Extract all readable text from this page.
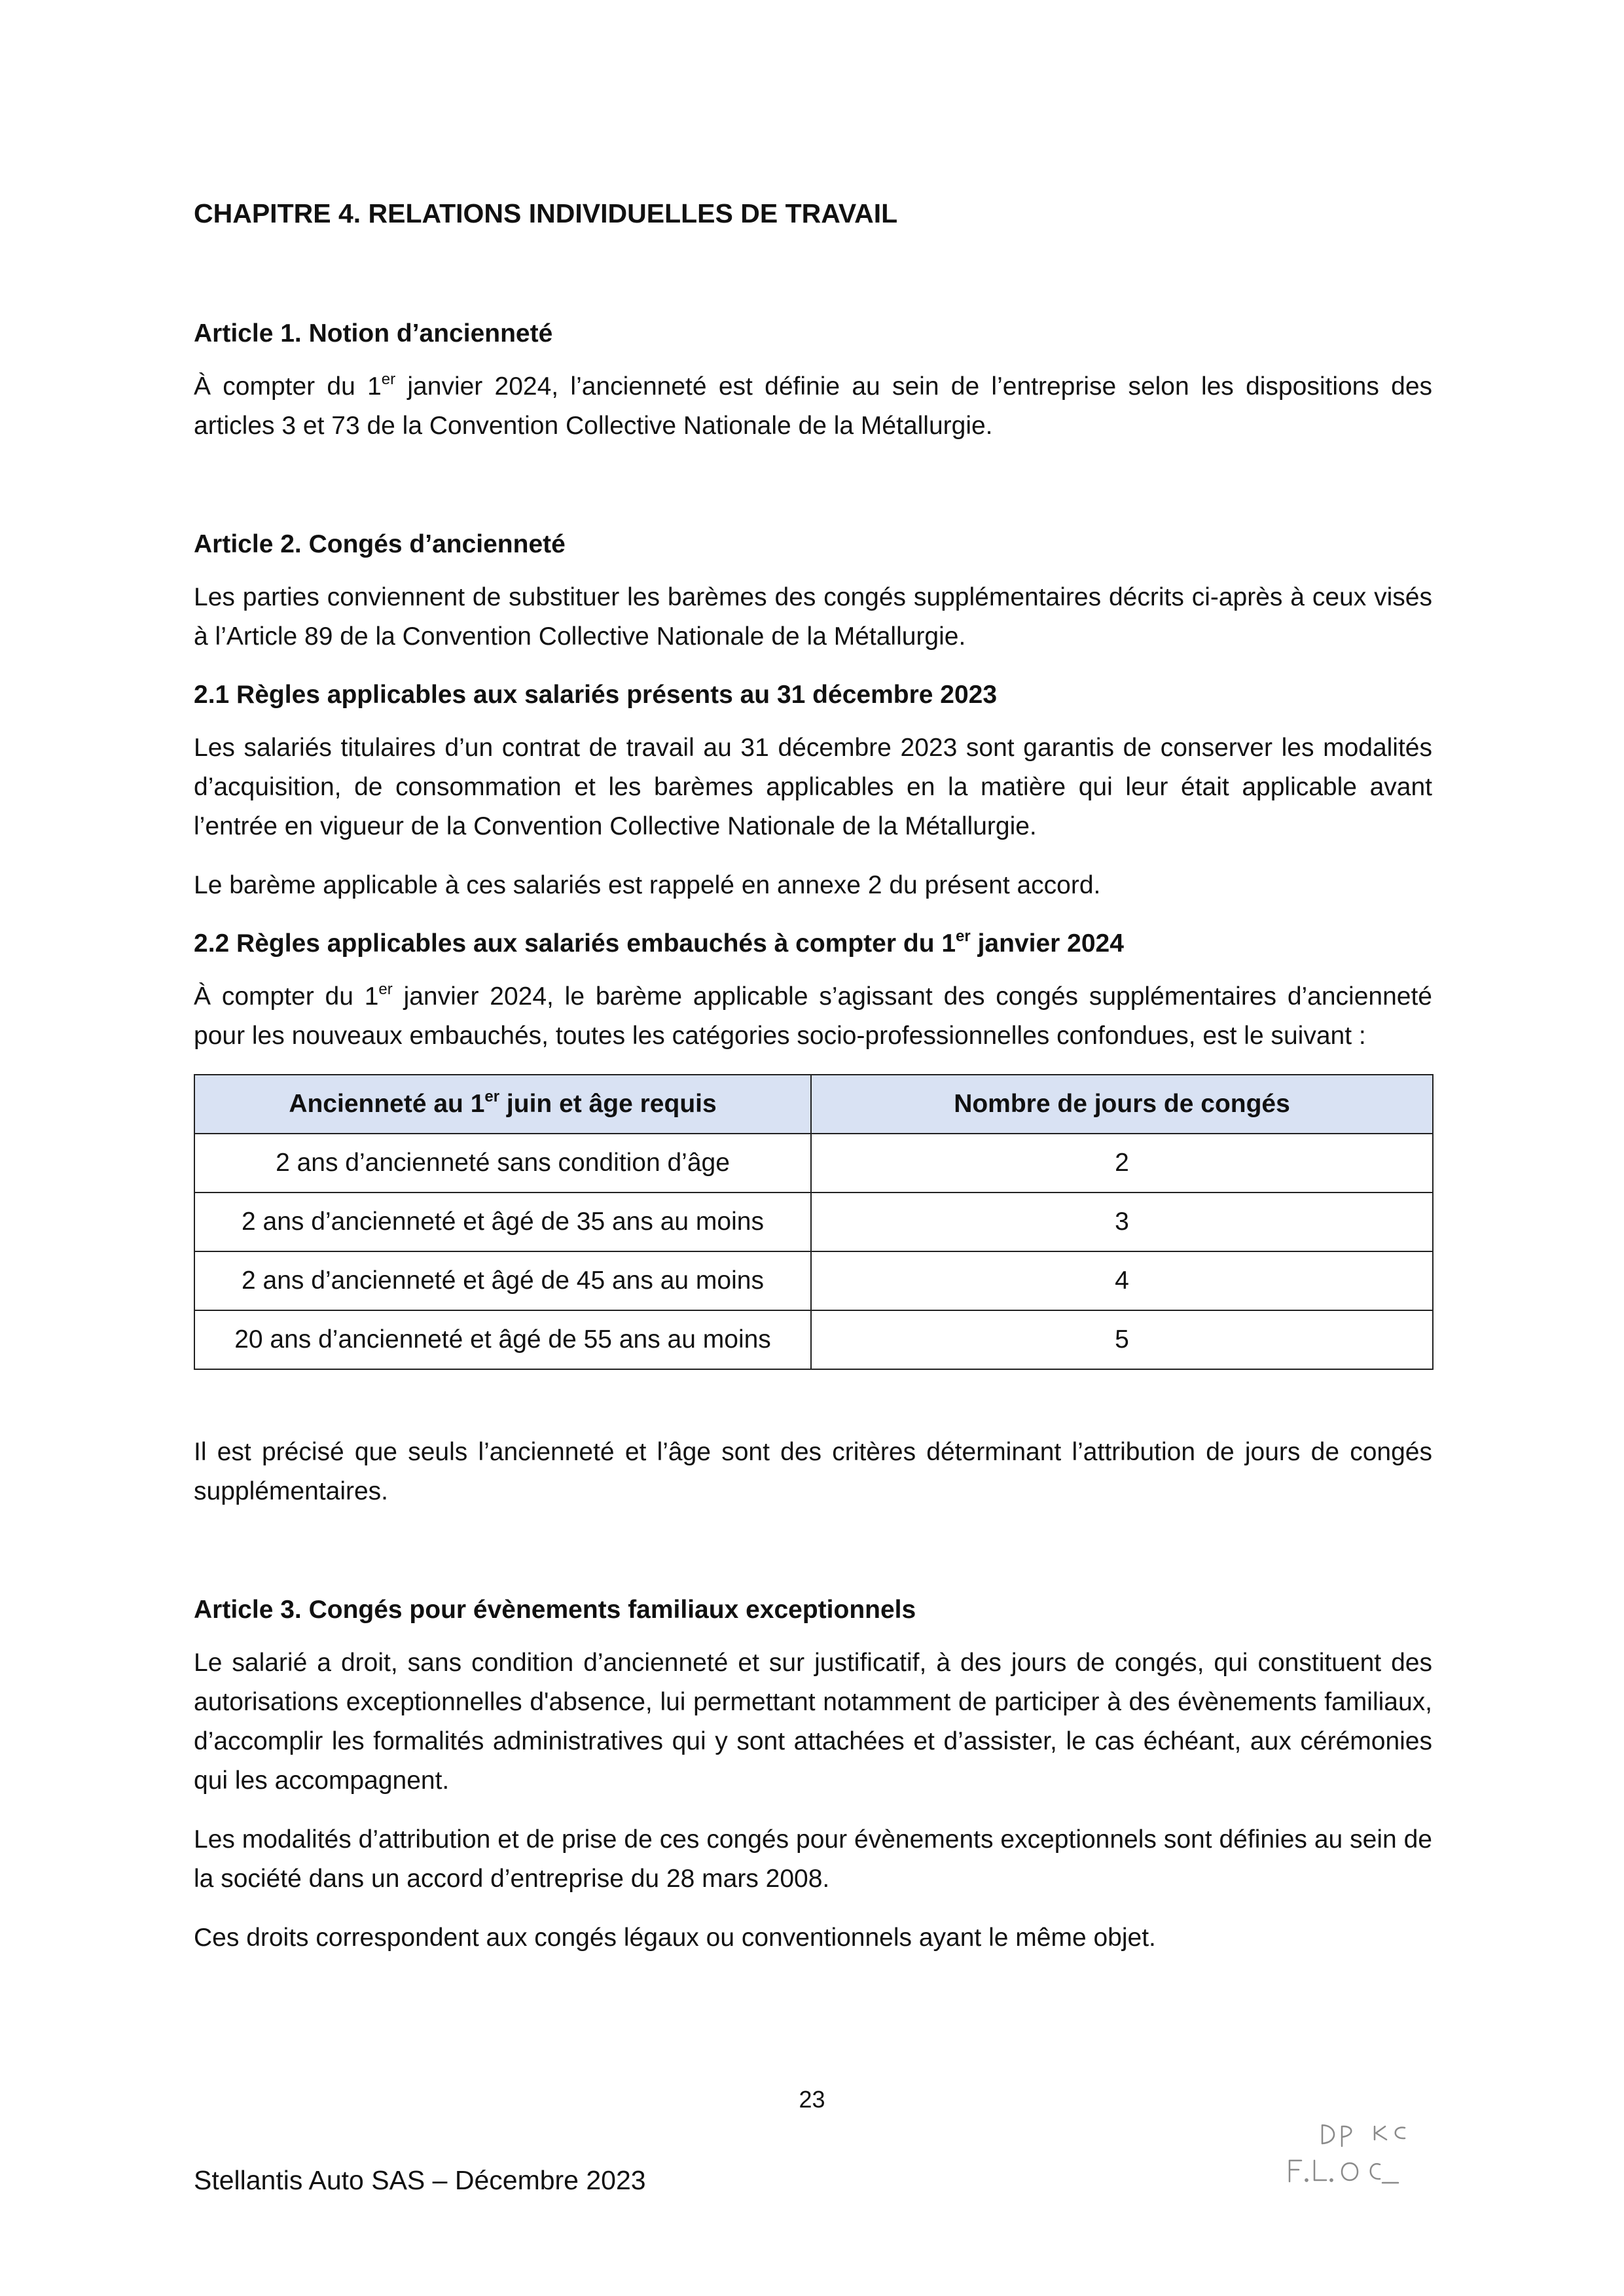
CHAPITRE 4. RELATIONS INDIVIDUELLES DE TRAVAIL
Article 1. Notion d’ancienneté

À compter du 1er janvier 2024, l’ancienneté est définie au sein de l’entreprise selon les dispositions des articles 3 et 73 de la Convention Collective Nationale de la Métallurgie.

Article 2. Congés d’ancienneté

Les parties conviennent de substituer les barèmes des congés supplémentaires décrits ci-après à ceux visés à l’Article 89 de la Convention Collective Nationale de la Métallurgie.

2.1 Règles applicables aux salariés présents au 31 décembre 2023

Les salariés titulaires d’un contrat de travail au 31 décembre 2023 sont garantis de conserver les modalités d’acquisition, de consommation et les barèmes applicables en la matière qui leur était applicable avant l’entrée en vigueur de la Convention Collective Nationale de la Métallurgie.

Le barème applicable à ces salariés est rappelé en annexe 2 du présent accord.

2.2 Règles applicables aux salariés embauchés à compter du 1er janvier 2024

À compter du 1er janvier 2024, le barème applicable s’agissant des congés supplémentaires d’ancienneté pour les nouveaux embauchés, toutes les catégories socio-professionnelles confondues, est le suivant :

Ancienneté au 1er juin et âge requis	Nombre de jours de congés
2 ans d’ancienneté sans condition d’âge	2
2 ans d’ancienneté et âgé de 35 ans au moins	3
2 ans d’ancienneté et âgé de 45 ans au moins	4
20 ans d’ancienneté et âgé de 55 ans au moins	5

Il est précisé que seuls l’ancienneté et l’âge sont des critères déterminant l’attribution de jours de congés supplémentaires.

Article 3. Congés pour évènements familiaux exceptionnels

Le salarié a droit, sans condition d’ancienneté et sur justificatif, à des jours de congés, qui constituent des autorisations exceptionnelles d'absence, lui permettant notamment de participer à des évènements familiaux, d’accomplir les formalités administratives qui y sont attachées et d’assister, le cas échéant, aux cérémonies qui les accompagnent.

Les modalités d’attribution et de prise de ces congés pour évènements exceptionnels sont définies au sein de la société dans un accord d’entreprise du 28 mars 2008.

Ces droits correspondent aux congés légaux ou conventionnels ayant le même objet.

23
Stellantis Auto SAS – Décembre 2023
